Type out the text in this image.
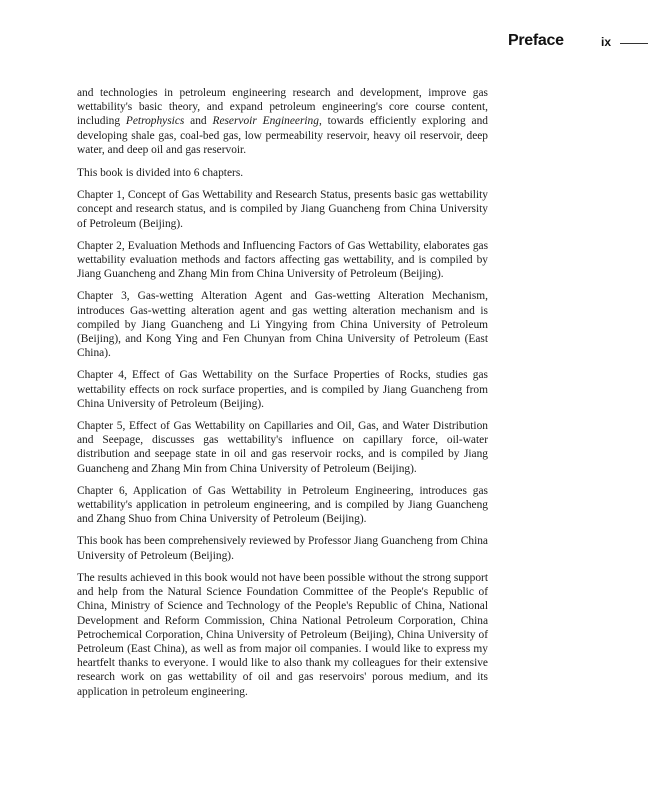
Preface	ix

and technologies in petroleum engineering research and development, improve gas wettability's basic theory, and expand petroleum engineering's core course content, including Petrophysics and Reservoir Engineering, towards efficiently exploring and developing shale gas, coal-bed gas, low permeability reservoir, heavy oil reservoir, deep water, and deep oil and gas reservoir.

This book is divided into 6 chapters.

Chapter 1, Concept of Gas Wettability and Research Status, presents basic gas wettability concept and research status, and is compiled by Jiang Guancheng from China University of Petroleum (Beijing).

Chapter 2, Evaluation Methods and Influencing Factors of Gas Wettability, elaborates gas wettability evaluation methods and factors affecting gas wettability, and is compiled by Jiang Guancheng and Zhang Min from China University of Petroleum (Beijing).

Chapter 3, Gas-wetting Alteration Agent and Gas-wetting Alteration Mechanism, introduces Gas-wetting alteration agent and gas wetting alteration mechanism and is compiled by Jiang Guancheng and Li Yingying from China University of Petroleum (Beijing), and Kong Ying and Fen Chunyan from China University of Petroleum (East China).

Chapter 4, Effect of Gas Wettability on the Surface Properties of Rocks, studies gas wettability effects on rock surface properties, and is compiled by Jiang Guancheng from China University of Petroleum (Beijing).

Chapter 5, Effect of Gas Wettability on Capillaries and Oil, Gas, and Water Distribution and Seepage, discusses gas wettability's influence on capillary force, oil-water distribution and seepage state in oil and gas reservoir rocks, and is compiled by Jiang Guancheng and Zhang Min from China University of Petroleum (Beijing).

Chapter 6, Application of Gas Wettability in Petroleum Engineering, introduces gas wettability's application in petroleum engineering, and is compiled by Jiang Guancheng and Zhang Shuo from China University of Petroleum (Beijing).

This book has been comprehensively reviewed by Professor Jiang Guancheng from China University of Petroleum (Beijing).

The results achieved in this book would not have been possible without the strong support and help from the Natural Science Foundation Committee of the People's Republic of China, Ministry of Science and Technology of the People's Republic of China, National Development and Reform Commission, China National Petroleum Corporation, China Petrochemical Corporation, China University of Petroleum (Beijing), China University of Petroleum (East China), as well as from major oil companies. I would like to express my heartfelt thanks to everyone. I would like to also thank my colleagues for their extensive research work on gas wettability of oil and gas reservoirs' porous medium, and its application in petroleum engineering.
